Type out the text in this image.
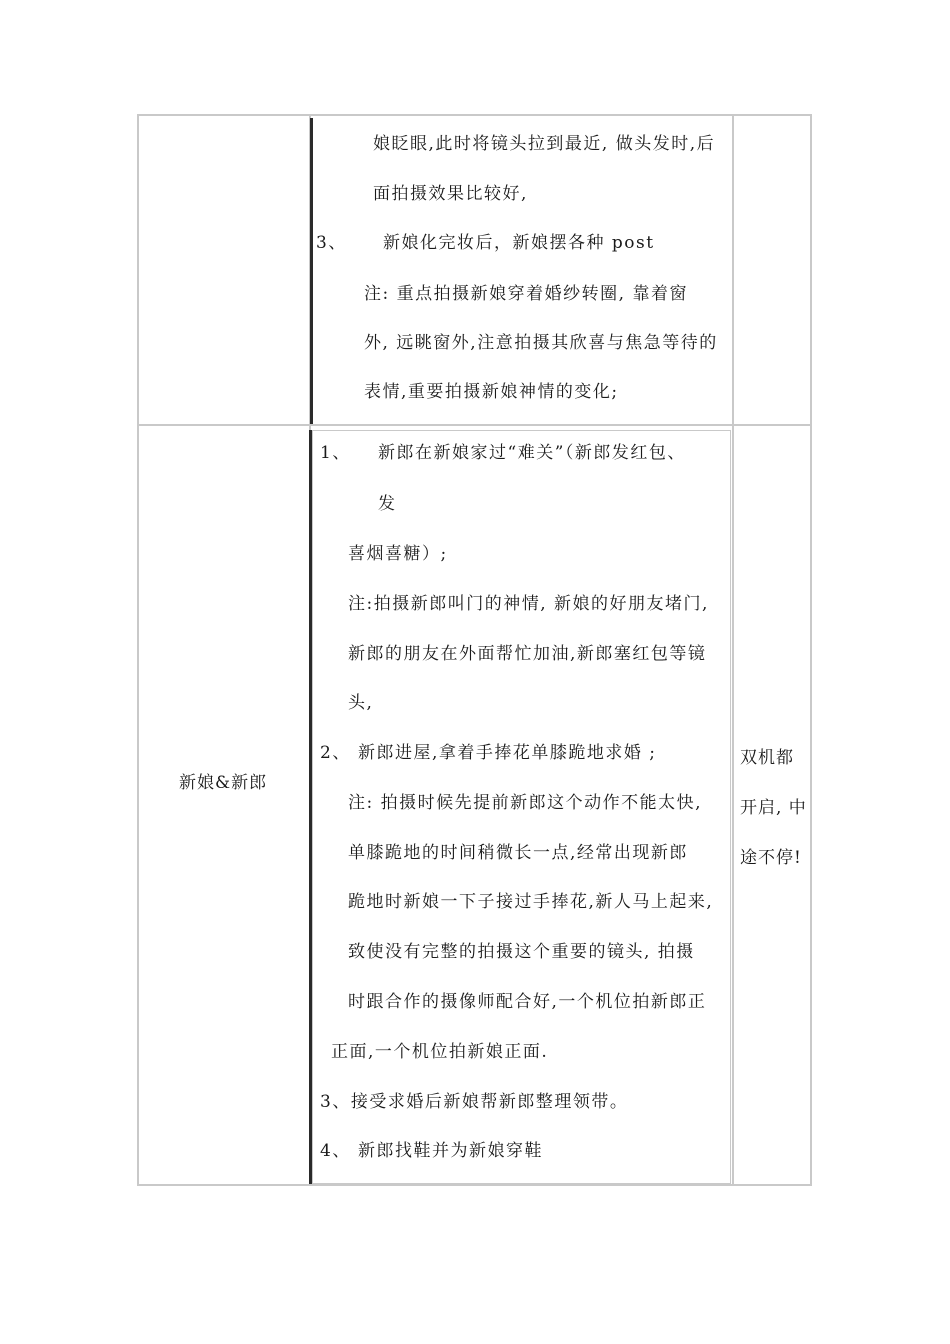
娘眨眼,此时将镜头拉到最近, 做头发时,后
面拍摄效果比较好,
3、 新娘化完妆后，新娘摆各种 post
注: 重点拍摄新娘穿着婚纱转圈, 靠着窗
外, 远眺窗外,注意拍摄其欣喜与焦急等待的
表情,重要拍摄新娘神情的变化;
新娘&新郎
1、 新郎在新娘家过“难关”（新郎发红包、
发
喜烟喜糖）;
注:拍摄新郎叫门的神情, 新娘的好朋友堵门,
新郎的朋友在外面帮忙加油,新郎塞红包等镜
头,
2、 新郎进屋,拿着手捧花单膝跪地求婚 ;
注: 拍摄时候先提前新郎这个动作不能太快,
单膝跪地的时间稍微长一点,经常出现新郎
跪地时新娘一下子接过手捧花,新人马上起来,
致使没有完整的拍摄这个重要的镜头, 拍摄
时跟合作的摄像师配合好,一个机位拍新郎正
正面,一个机位拍新娘正面.
3、接受求婚后新娘帮新郎整理领带。
4、 新郎找鞋并为新娘穿鞋
双机都
开启, 中
途不停!
